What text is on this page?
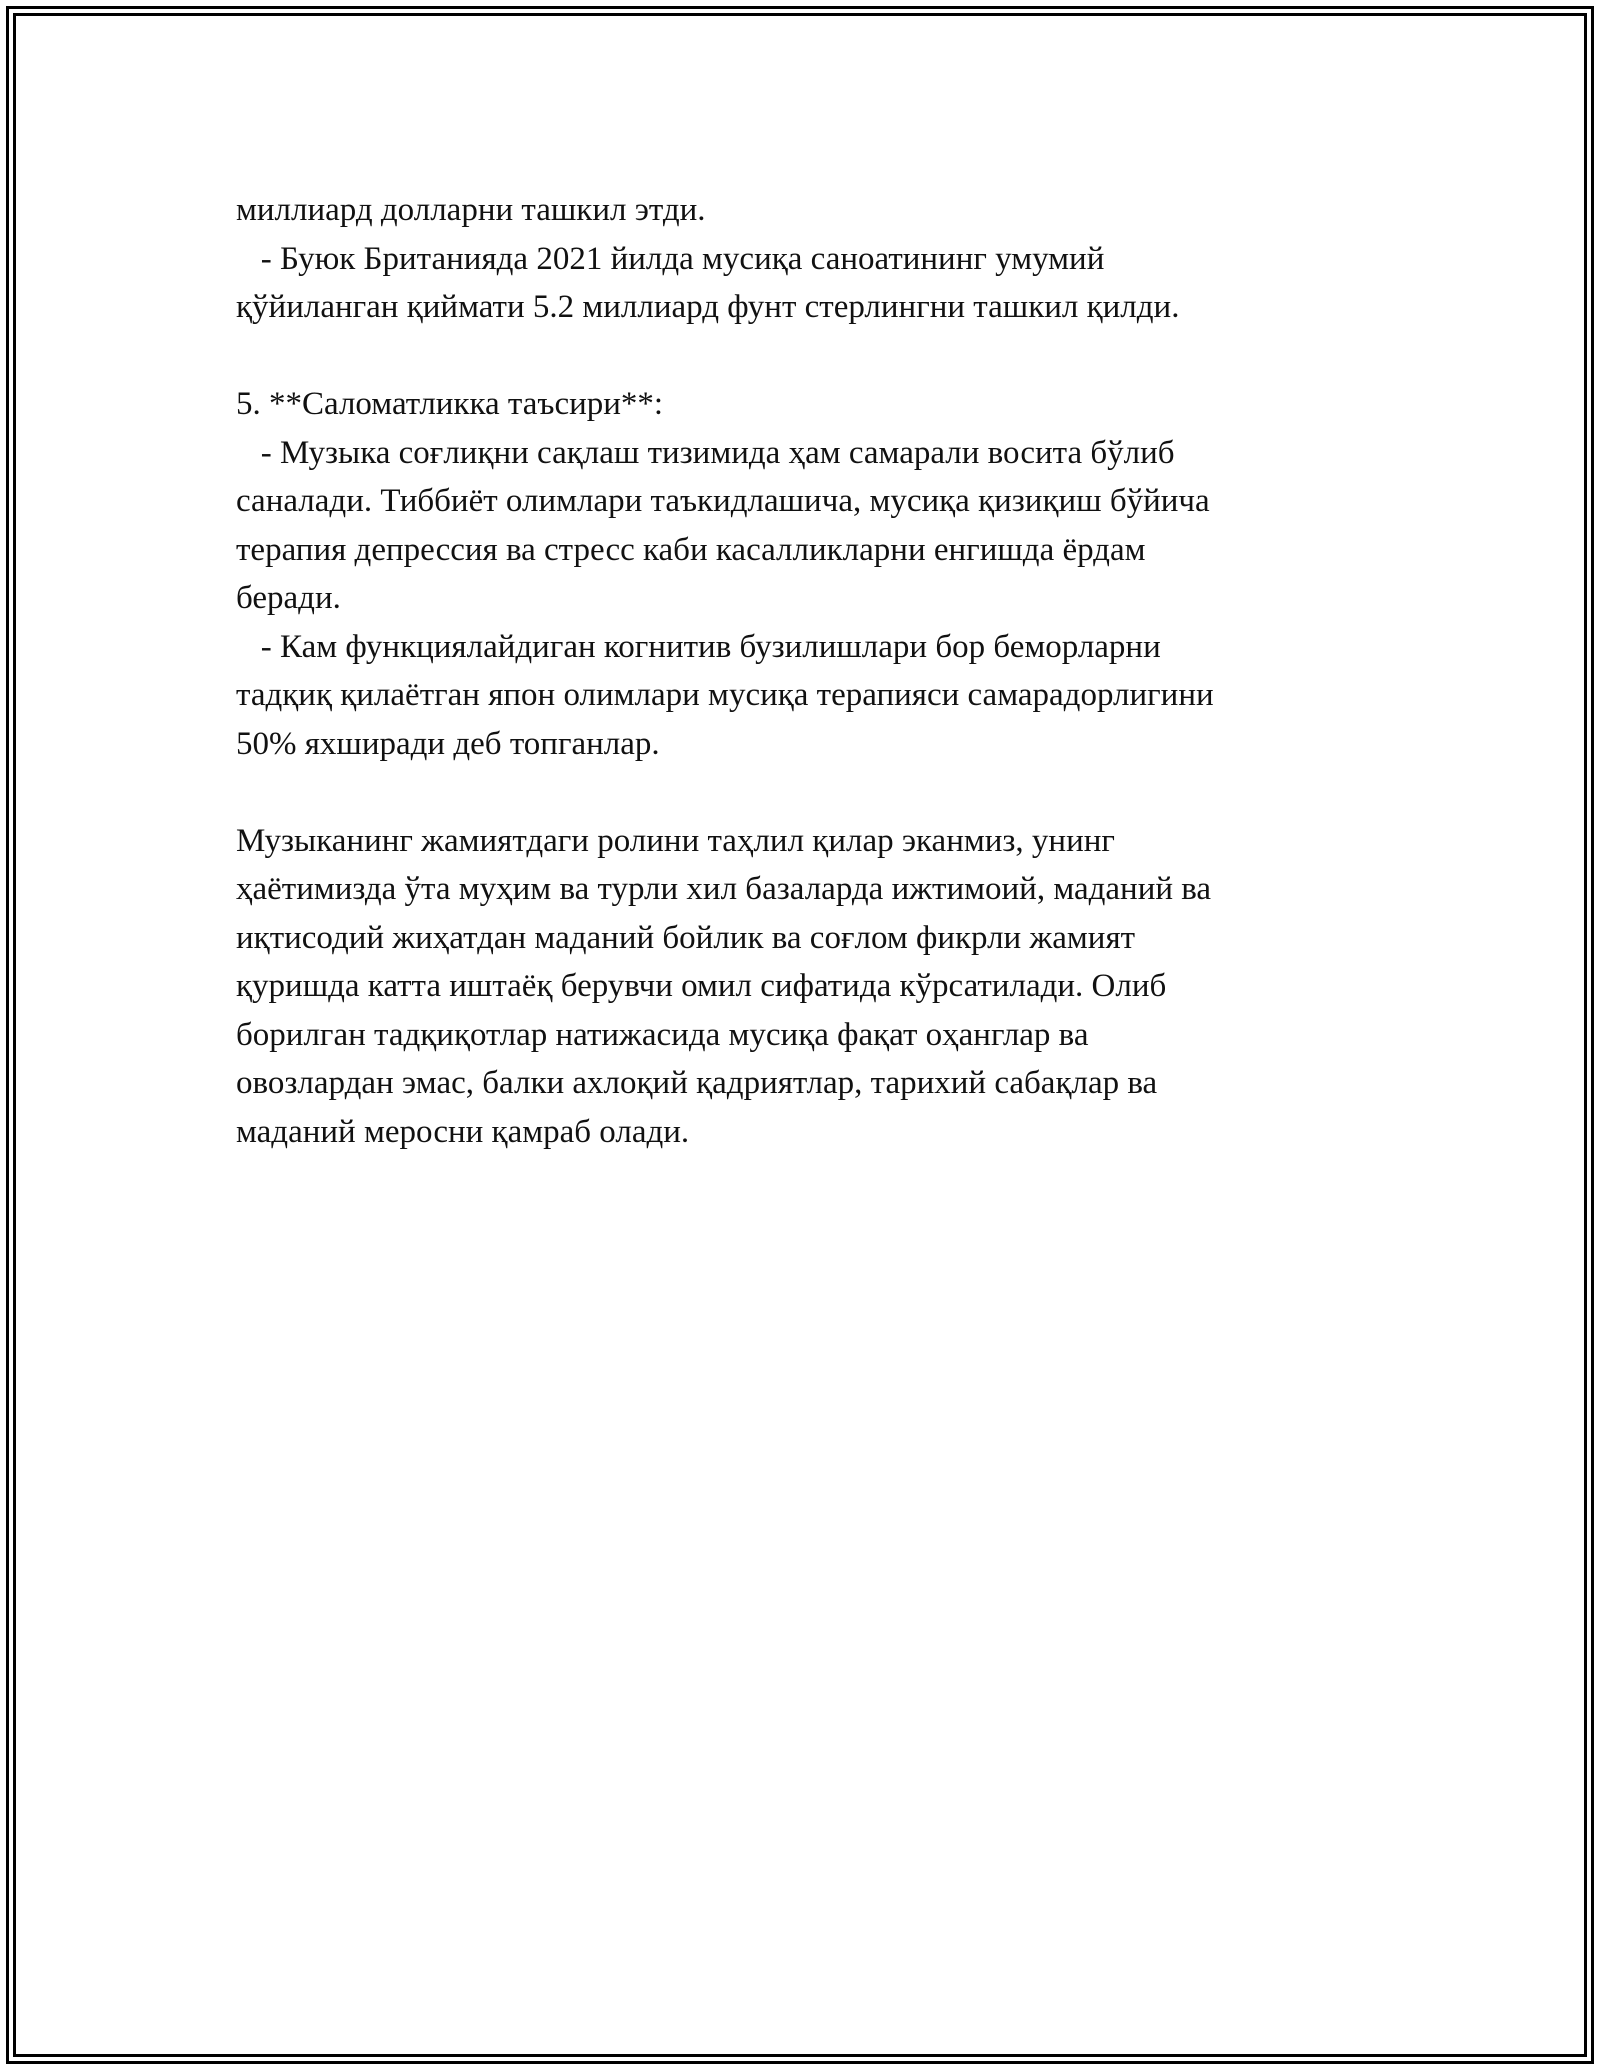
миллиард долларни ташкил этди.
- Буюк Британияда 2021 йилда мусиқа саноатининг умумий
қўйиланган қиймати 5.2 миллиард фунт стерлингни ташкил қилди.
5. **Саломатликка таъсири**:
- Музыка соғлиқни сақлаш тизимида ҳам самарали восита бўлиб
саналади. Тиббиёт олимлари таъкидлашича, мусиқа қизиқиш бўйича
терапия депрессия ва стресс каби касалликларни енгишда ёрдам
беради.
- Кам функциялайдиган когнитив бузилишлари бор беморларни
тадқиқ қилаётган япон олимлари мусиқа терапияси самарадорлигини
50% яхширади деб топганлар.
Музыканинг жамиятдаги ролини таҳлил қилар эканмиз, унинг
ҳаётимизда ўта муҳим ва турли хил базаларда ижтимоий, маданий ва
иқтисодий жиҳатдан маданий бойлик ва соғлом фикрли жамият
қуришда катта иштаёқ берувчи омил сифатида кўрсатилади. Олиб
борилган тадқиқотлар натижасида мусиқа фақат оҳанглар ва
овозлардан эмас, балки ахлоқий қадриятлар, тарихий сабақлар ва
маданий меросни қамраб олади.
